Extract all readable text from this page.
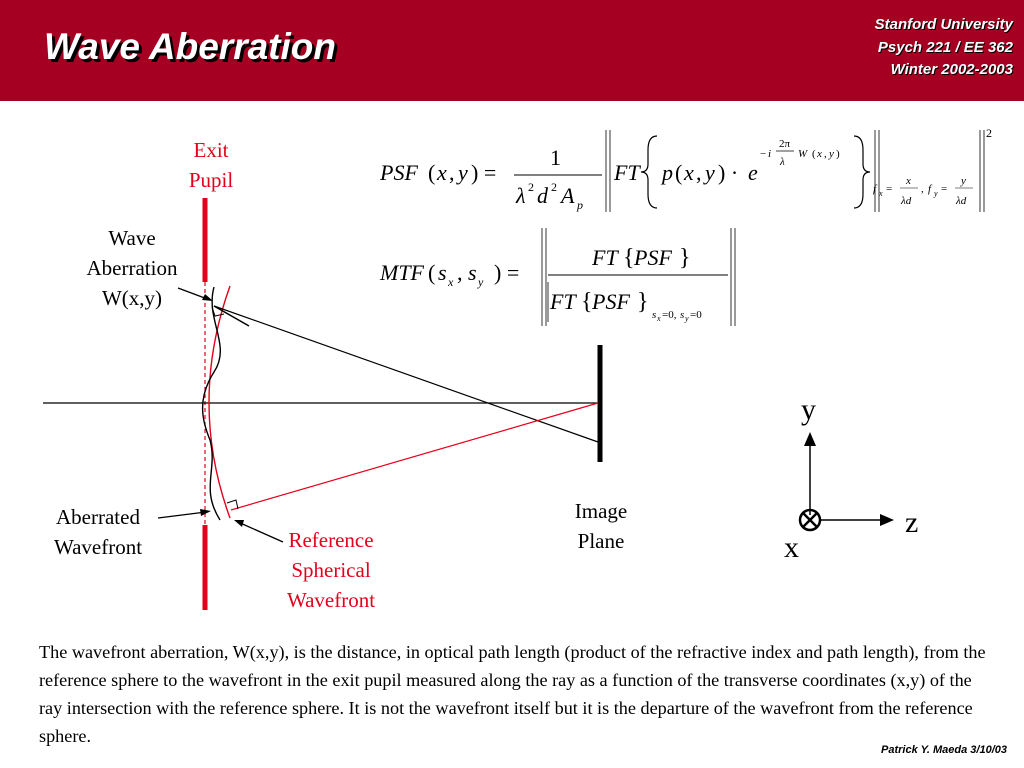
Wave Aberration
Stanford University
Psych 221 / EE 362
Winter 2002-2003
Exit
Pupil
Wave
Aberration
W(x,y)
Aberrated
Wavefront	Reference
Spherical
Wavefront
Image
Plane
y
z
x
PSF ( x , y ) =
1
λ 2 d 2 A p
FT p ( x , y ) · e
− i
2π
λ
W ( x , y )
f x =
x
λd
, f y =
y
λd
2
MTF ( s x , s y ) =
FT { PSF }
FT { PSF } s x =0, s y =0
The wavefront aberration, W(x,y), is the distance, in optical path length (product of the refractive index and path length), from the reference sphere to the wavefront in the exit pupil measured along the ray as a function of the transverse coordinates (x,y) of the ray intersection with the reference sphere. It is not the wavefront itself but it is the departure of the wavefront from the reference sphere.
Patrick Y. Maeda 3/10/03
